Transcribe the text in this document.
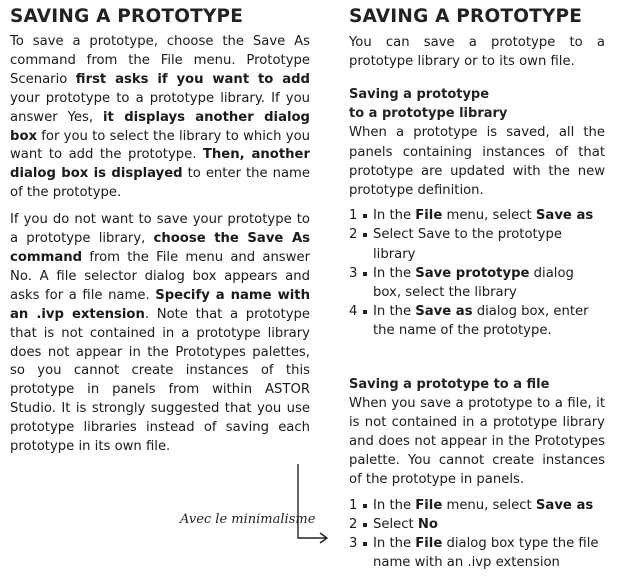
SAVING A PROTOTYPE

To save a prototype, choose the Save As command from the File menu. Prototype Scenario first asks if you want to add your prototype to a prototype library. If you answer Yes, it displays another dialog box for you to select the library to which you want to add the prototype. Then, another dialog box is displayed to enter the name of the prototype.

If you do not want to save your prototype to a prototype library, choose the Save As command from the File menu and answer No. A file selector dialog box appears and asks for a file name. Specify a name with an .ivp extension. Note that a prototype that is not contained in a prototype library does not appear in the Prototypes palettes, so you cannot create instances of this prototype in panels from within ASTOR Studio. It is strongly suggested that you use prototype libraries instead of saving each prototype in its own file.

SAVING A PROTOTYPE

You can save a prototype to a prototype library or to its own file.

Saving a prototype
to a prototype library

When a prototype is saved, all the panels containing instances of that prototype are updated with the new prototype definition.

1 In the File menu, select Save as
2 Select Save to the prototype library
3 In the Save prototype dialog box, select the library
4 In the Save as dialog box, enter the name of the prototype.
Saving a prototype to a file

When you save a prototype to a file, it is not contained in a prototype library and does not appear in the Prototypes palette. You cannot create instances of the prototype in panels.

1 In the File menu, select Save as
2 Select No
3 In the File dialog box type the file name with an .ivp extension
Avec le minimalisme
